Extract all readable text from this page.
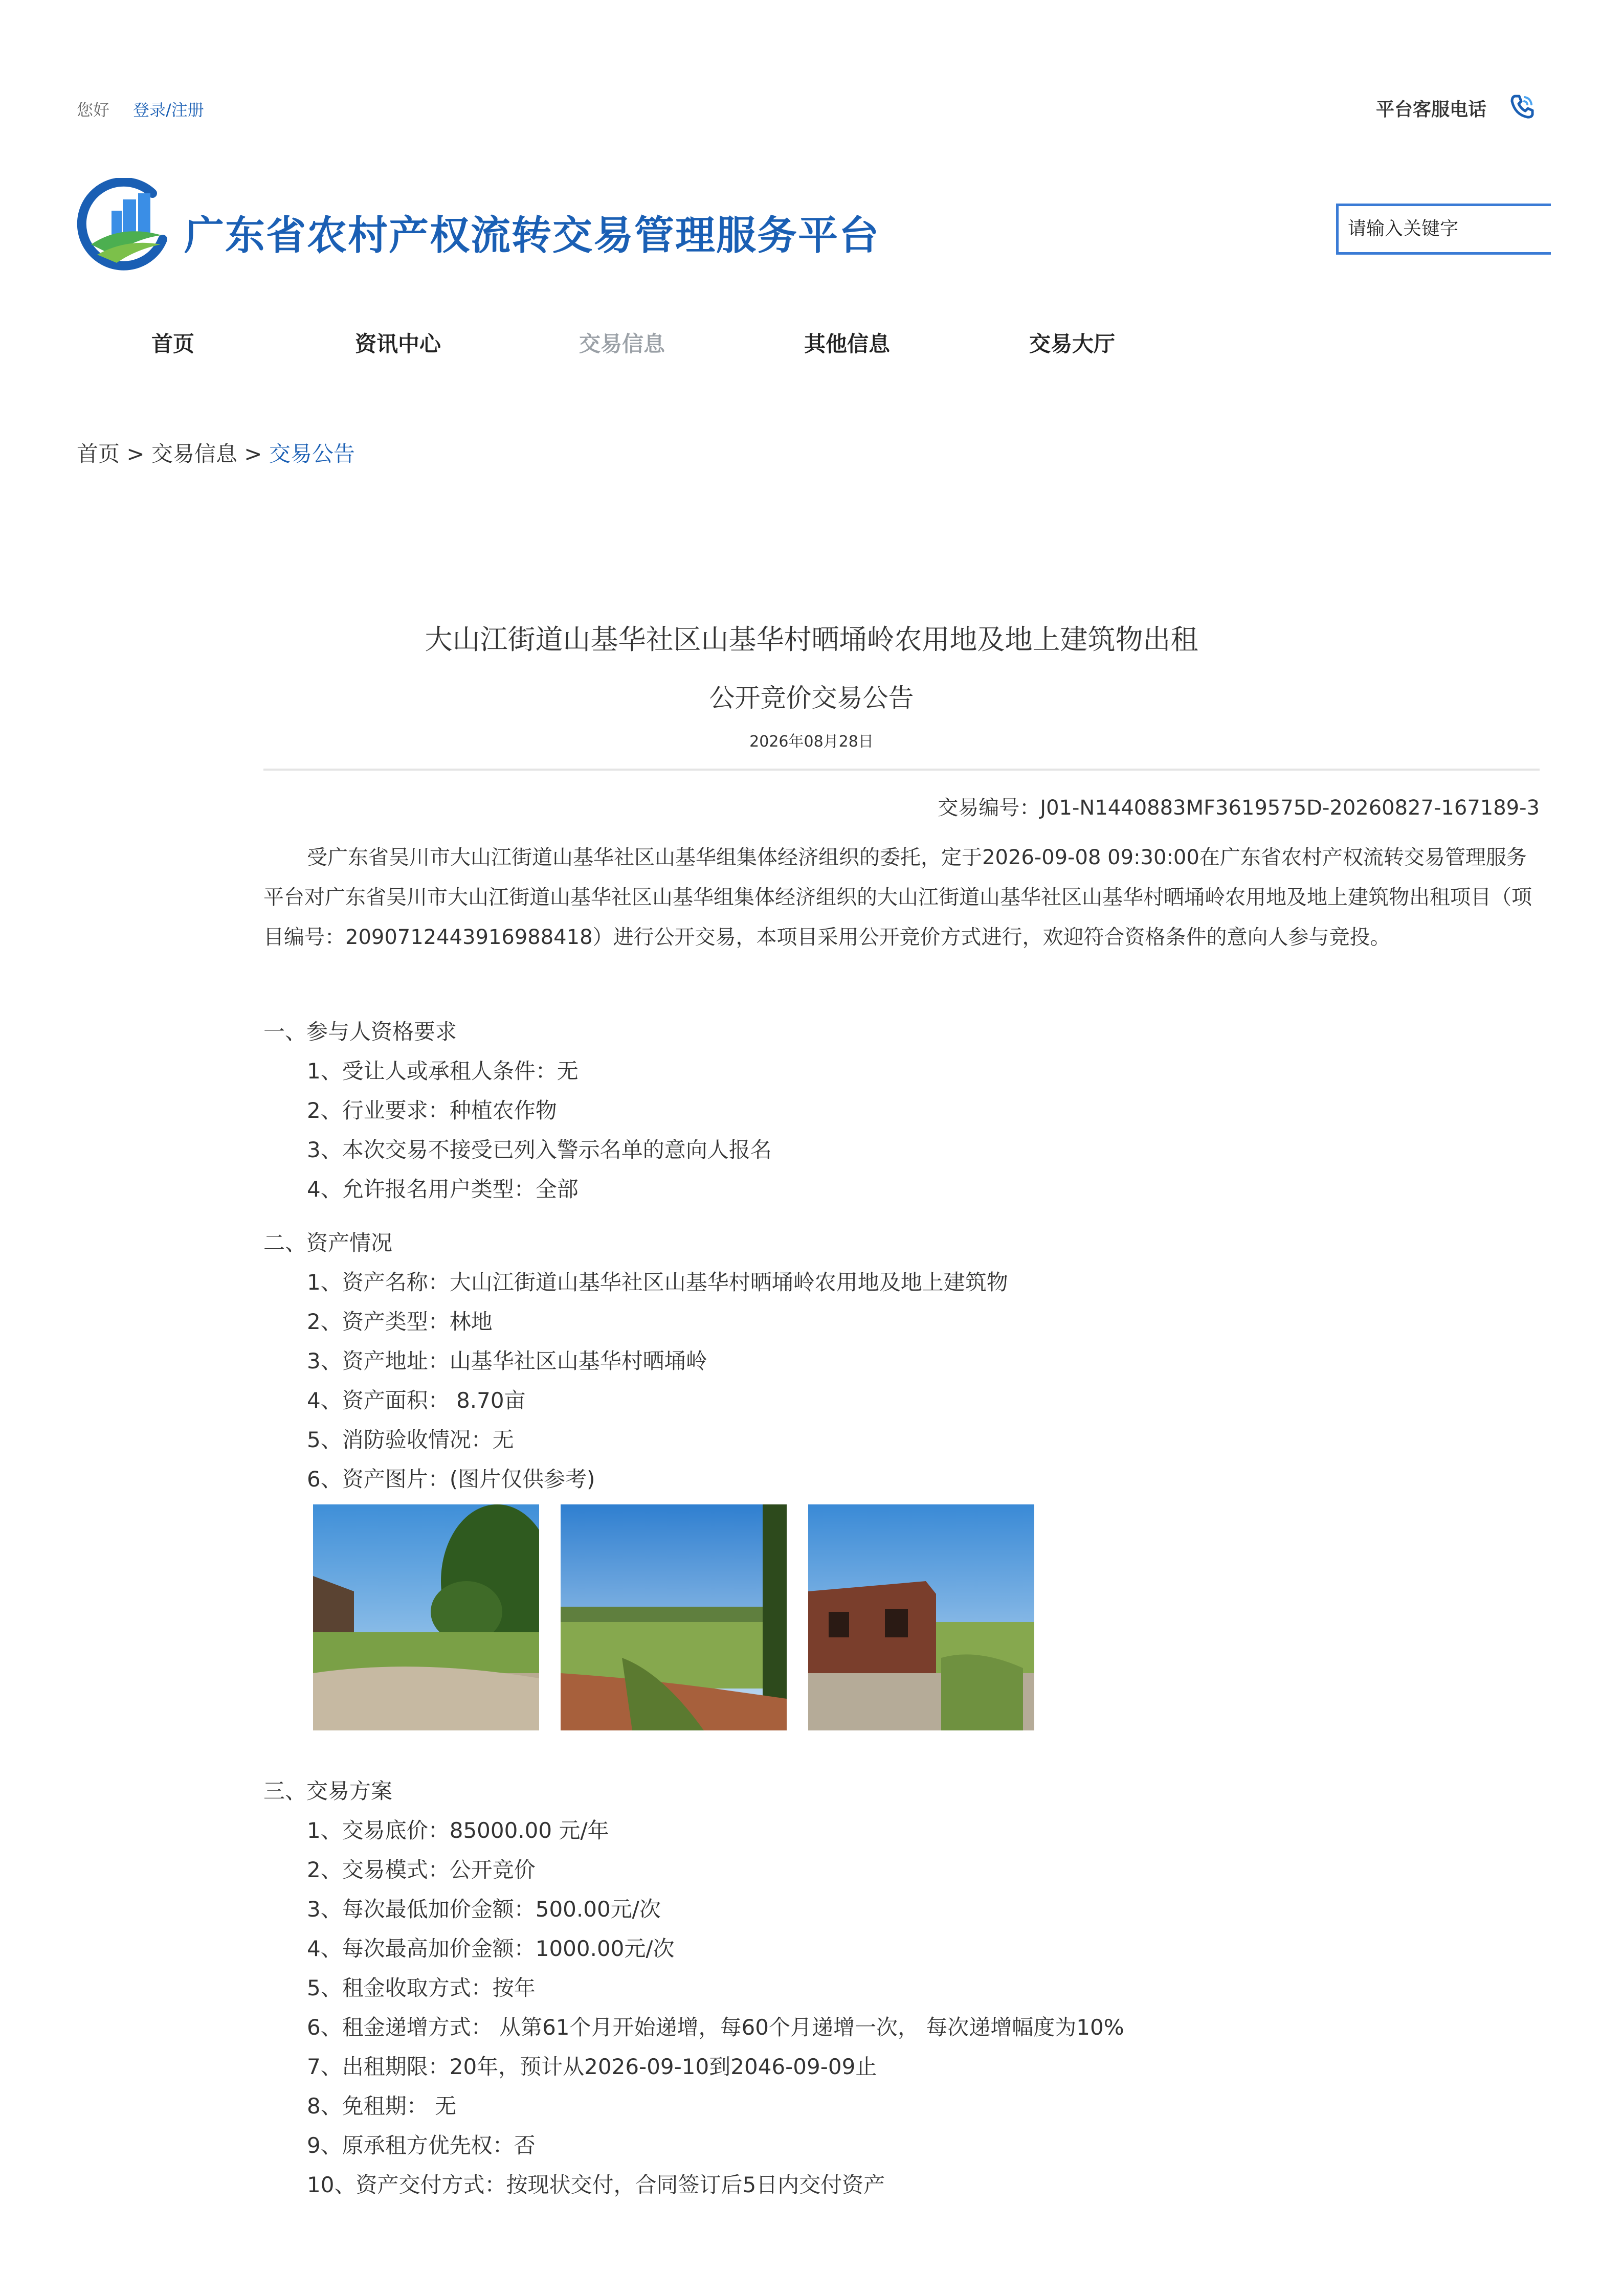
您好 登录/注册	平台客服电话
广东省农村产权流转交易管理服务平台	请输入关键字
首页	资讯中心	交易信息	其他信息	交易大厅
首页 > 交易信息 > 交易公告
大山江街道山基华社区山基华村晒埇岭农用地及地上建筑物出租
公开竞价交易公告
2026年08月28日
交易编号：J01-N1440883MF3619575D-20260827-167189-3
受广东省吴川市大山江街道山基华社区山基华组集体经济组织的委托，定于2026-09-08 09:30:00在广东省农村产权流转交易管理服务平台对广东省吴川市大山江街道山基华社区山基华组集体经济组织的大山江街道山基华社区山基华村晒埇岭农用地及地上建筑物出租项目（项目编号：2090712443916988418）进行公开交易，本项目采用公开竞价方式进行，欢迎符合资格条件的意向人参与竞投。
一、参与人资格要求
1、受让人或承租人条件：无
2、行业要求：种植农作物
3、本次交易不接受已列入警示名单的意向人报名
4、允许报名用户类型：全部
二、资产情况
1、资产名称：大山江街道山基华社区山基华村晒埇岭农用地及地上建筑物
2、资产类型：林地
3、资产地址：山基华社区山基华村晒埇岭
4、资产面积： 8.70亩
5、消防验收情况：无
6、资产图片：(图片仅供参考)
三、交易方案
1、交易底价：85000.00 元/年
2、交易模式：公开竞价
3、每次最低加价金额：500.00元/次
4、每次最高加价金额：1000.00元/次
5、租金收取方式：按年
6、租金递增方式： 从第61个月开始递增，每60个月递增一次， 每次递增幅度为10%
7、出租期限：20年，预计从2026-09-10到2046-09-09止
8、免租期： 无
9、原承租方优先权：否
10、资产交付方式：按现状交付，合同签订后5日内交付资产
